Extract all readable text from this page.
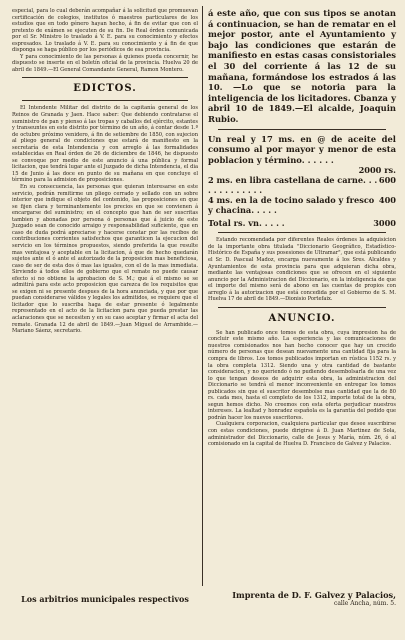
especial, para lo cual deberán acompañar á la solicitud que promuevan certificación de colegios, institutos ó maestros particulares de los estudios que en todo género hayan hecho, á fin de evitar que con el pretexto de exámen se ejecuten de su fin. De Real órden comunicada por el Sr. Ministro lo traslado á V. E. para su conocimiento y efectos espresados. Lo traslado á V. E. para su conocimiento y á fin de que disponga se haga público por los periódicos de esa provincia.

Y para conocimiento de las personas á quienes pueda concernir, he dispuesto se inserte en el boletín oficial de la provincia. Huelva 20 de abril de 1849.—El General Comandante General, Ramon Montero.

EDICTOS.

El Intendente Militar del distrito de la capitanía general de los Reinos de Granada y Jaen. Hace saber: Que debiendo contratarse el suministro de pan y pienso á las tropas y caballos del ejército, estantes y transeuntes en este distrito por término de un año, á contar desde 1.º de octubre próximo venidero, á fin de setiembre de 1850, con sujecion al pliego general de condiciones que estará de manifiesto en la secretaría de esta Intendencia y con arreglo á las formalidades establecidas en Real órden de 26 de diciembre de 1846, he dispuesto se convoque por medio de este anuncio á una pública y formal licitacion, que tendrá lugar ante el Juzgado de dicha Intendencia, el dia 15 de Junio á las doce en punto de su mañana en que concluye el término para la admision de proposiciones.

En su consecuencia, las personas que quieran interesarse en este servicio, podrán remitirme un pliego cerrado y sellado con un sobre interior que indique el objeto del contenido, las proposiciones en que se fijen clara y terminantemente los precios en que se convienen á encargarse del suministro; en el concepto que han de ser suscritas tambien y abonadas por persona ó personas que á juicio de este Juzgado sean de conocido arraigo y responsabilidad suficiente, que en caso de duda podrá apreciarse y hacerse constar por las recibos de contribuciones corrientes satisfechos que garanticen la ejecucion del servicio en los términos propuestos, siendo preferida la que resulte mas ventajosa y aceptable en la licitacion, á que de hecho quedarán sujetos ante el ó ante el autorizado de la proposicion mas beneficiosa, caso de ser de esta dos ó mas las iguales, con el de la mas inmediata. Sirviendo á todos ellos de gobierno que el remate no puede causar efecto si no obtiene la aprobacion de S. M.; que á el mismo se se admitirá para este acto proposicion que carezca de los requisitos que se exigen ni se presente despues de la hora anunciada, y que por que puedan considerarse válidos y legales los admitidos, se requiere que el licitador que lo suscriba haga de estar presente ó legalmente representado en el acto de la licitacion para que pueda prestar las aclaraciones que se necesiten y en su caso aceptar y firmar el acta del remate. Granada 12 de abril de 1849.—Juan Miguel de Arrambide.—Mariano Sáenz, secretario.

Los arbitrios municipales respectivos

á este año, que con sus tipos se anotan á continuacion, se han de rematar en el mejor postor, ante el Ayuntamiento y bajo las condiciones que estarán de manifiesto en estas casas consistoriales el 30 del corriente á las 12 de su mañana, formándose los estrados á las 10. —Lo que se notoria para la inteligencia de los licitadores. Cbanza y abril 10 de 1849.—El alcalde, Joaquin Rubio.

Un real y 17 ms. en @ de aceite del consumo al por mayor y menor de esta poblacion y término. . . . . .

2000 rs.
2 ms. en libra castellana de carne. . . . . . . . . . . . .
600
4 ms. en la de tocino salado y fresco y chacina. . . . .
400
Total rs. vn. . . . .	3000

Estando recomendada por diferentes Reales órdenes la adquisicion de la importante obra titulada "Diccionario Geográfico, Estadístico-Histórico de España y sus posesiones de Ultramar", que está publicando el Sr. D. Pascual Madoz, encarga nuevamente á los Sres. Alcaldes y Ayuntamientos de esta provincia para que adquieran dicha obra, mediante las ventajosas condiciones que se ofrecen en el siguiente anuncio por la Administracion del Diccionario, en la inteligencia de que el importe del mismo será de abono en las cuentas de propios con arreglo á la autorizacion que está concedida por el Gobierno de S. M. Huelva 17 de abril de 1849.—Dionisio Portefaix.

ANUNCIO.

Se han publicado once tomos de esta obra, cuya impresion ha de concluir este mismo año. La esperiencia y las comunicaciones de nuestros comisionados nos han hecho conocer que hay un crecido número de personas que desean nuevamente una cantidad fija para la compra de libros. Los tomos publicados importan en rústica 1152 rs. y la obra completa 1312. Siendo una y otra cantidad de bastante consideracion, y no queriendo ó no pudiendo desembolsarla de una vez lo que tengan deseos de adquirir esta obra, la administracion del Diccionario se tendrá el menor inconveniente en entregar los tomos publicados sin que el suscritor desembolse mas cantidad que la de 80 rs. cada mes, hasta el completo de los 1312, importe total de la obra, segun hemos dicho. No creemos con esta oferta perjudicar nuestros intereses. La lealtad y honradez española es la garantía del pedido que podrán hacer los nuevos suscritores.

Cualquiera corporacion, cualquiera particular que desee suscribirse con estas condiciones, puede dirigirse á D. Juan Martinez de Sola, administrador del Diccionario, calle de Jesus y María, núm. 26, ó al comisionado en la capital de Huelva D. Francisco de Galvez y Palacios.

Imprenta de D. F. Galvez y Palacios,
calle Ancha, núm. 5.
